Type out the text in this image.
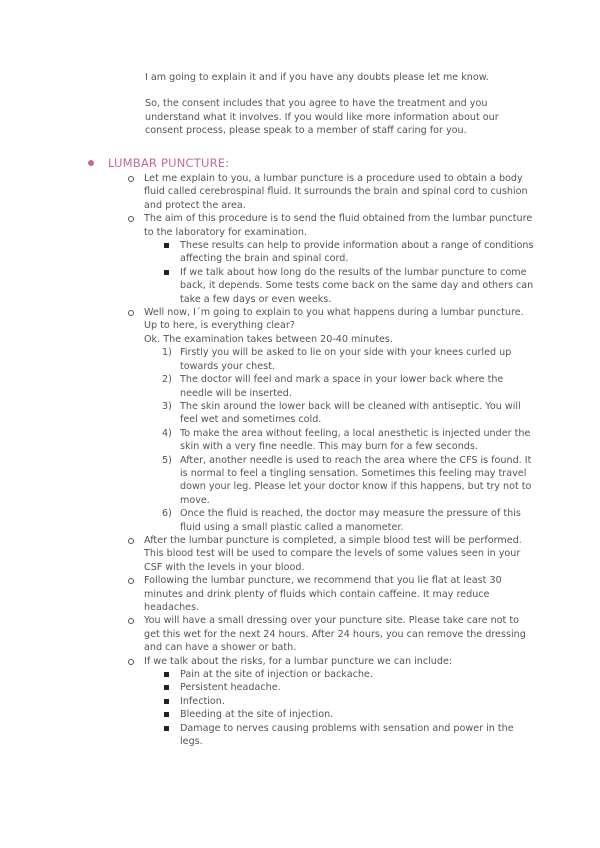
I am going to explain it and if you have any doubts please let me know.

So, the consent includes that you agree to have the treatment and you understand what it involves. If you would like more information about our consent process, please speak to a member of staff caring for you.

LUMBAR PUNCTURE:
Let me explain to you, a lumbar puncture is a procedure used to obtain a body fluid called cerebrospinal fluid. It surrounds the brain and spinal cord to cushion and protect the area.
The aim of this procedure is to send the fluid obtained from the lumbar puncture to the laboratory for examination.
These results can help to provide information about a range of conditions affecting the brain and spinal cord.
If we talk about how long do the results of the lumbar puncture to come back, it depends. Some tests come back on the same day and others can take a few days or even weeks.
Well now, I´m going to explain to you what happens during a lumbar puncture. Up to here, is everything clear?
Ok. The examination takes between 20-40 minutes.
1) Firstly you will be asked to lie on your side with your knees curled up towards your chest.
2) The doctor will feel and mark a space in your lower back where the needle will be inserted.
3) The skin around the lower back will be cleaned with antiseptic. You will feel wet and sometimes cold.
4) To make the area without feeling, a local anesthetic is injected under the skin with a very fine needle. This may burn for a few seconds.
5) After, another needle is used to reach the area where the CFS is found. It is normal to feel a tingling sensation. Sometimes this feeling may travel down your leg. Please let your doctor know if this happens, but try not to move.
6) Once the fluid is reached, the doctor may measure the pressure of this fluid using a small plastic called a manometer.
After the lumbar puncture is completed, a simple blood test will be performed. This blood test will be used to compare the levels of some values seen in your CSF with the levels in your blood.
Following the lumbar puncture, we recommend that you lie flat at least 30 minutes and drink plenty of fluids which contain caffeine. It may reduce headaches.
You will have a small dressing over your puncture site. Please take care not to get this wet for the next 24 hours. After 24 hours, you can remove the dressing and can have a shower or bath.
If we talk about the risks, for a lumbar puncture we can include:
Pain at the site of injection or backache.
Persistent headache.
Infection.
Bleeding at the site of injection.
Damage to nerves causing problems with sensation and power in the legs.
